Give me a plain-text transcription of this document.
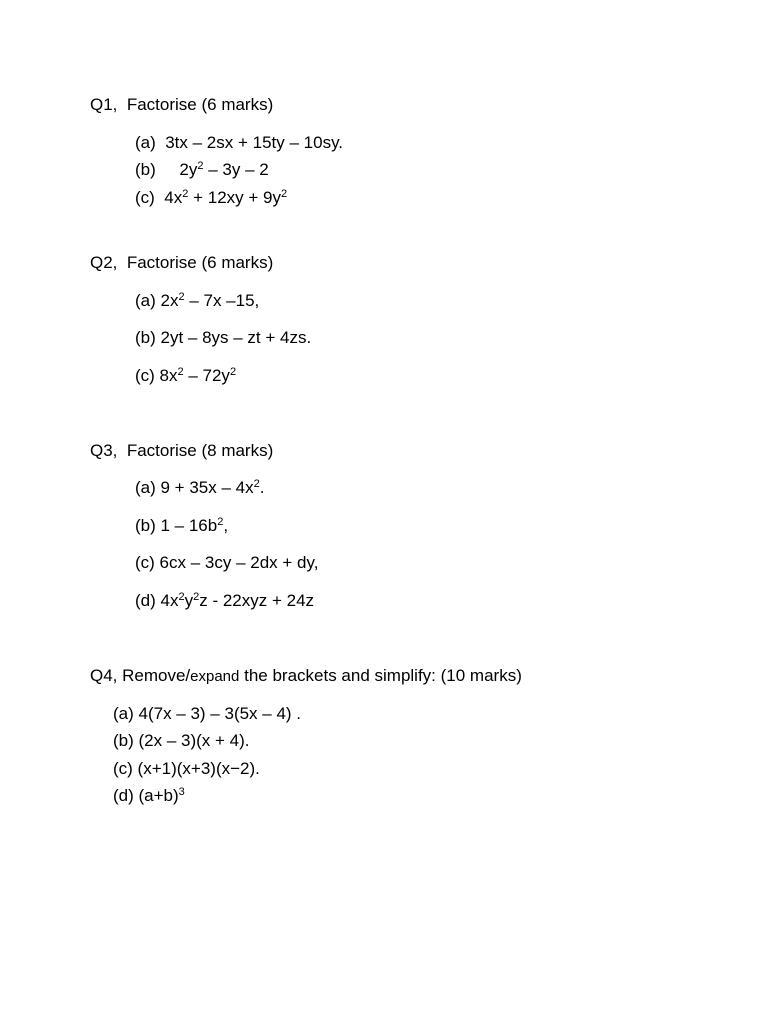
Q1,  Factorise (6 marks)
(a)  3tx – 2sx + 15ty – 10sy.
(b)     $2y^2 - 3y - 2$
(c)  $4x^2 + 12xy + 9y^2$
Q2,  Factorise (6 marks)
(a) $2x^2 - 7x$ –15,
(b) 2yt – 8ys – zt + 4zs.
(c) $8x^2 - 72y^2$
Q3,  Factorise (8 marks)
(a) $9 + 35x - 4x^2$.
(b) $1 - 16b^2$,
(c) 6cx – 3cy – 2dx + dy,
(d) $4x^2y^2z - 22xyz + 24z$
Q4, Remove/expand the brackets and simplify: (10 marks)
(a) 4(7x – 3) – 3(5x – 4) .
(b) (2x – 3)(x + 4).
(c) (x+1)(x+3)(x−2).
(d) $(a+b)^3$
